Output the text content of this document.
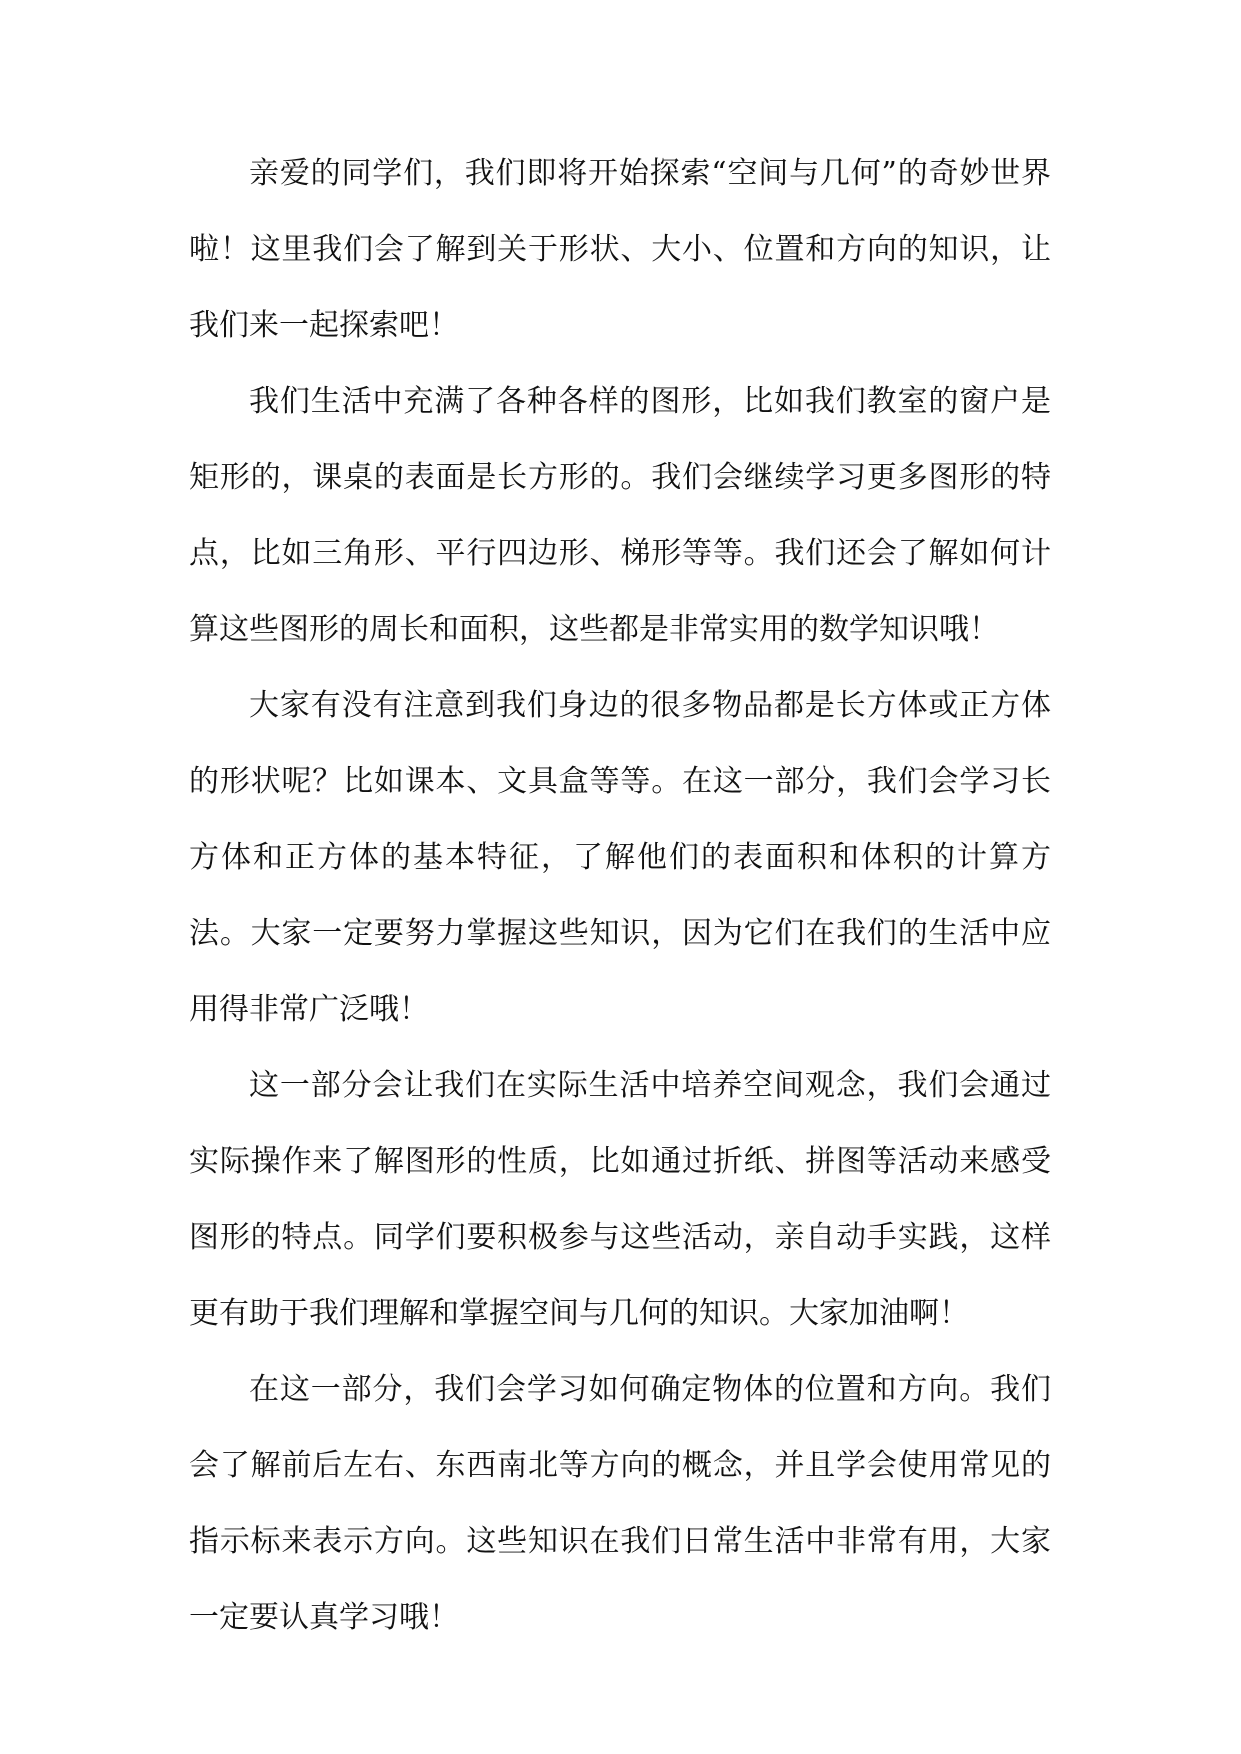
亲爱的同学们，我们即将开始探索“空间与几何”的奇妙世界啦！这里我们会了解到关于形状、大小、位置和方向的知识，让我们来一起探索吧！

我们生活中充满了各种各样的图形，比如我们教室的窗户是矩形的，课桌的表面是长方形的。我们会继续学习更多图形的特点，比如三角形、平行四边形、梯形等等。我们还会了解如何计算这些图形的周长和面积，这些都是非常实用的数学知识哦！

大家有没有注意到我们身边的很多物品都是长方体或正方体的形状呢？比如课本、文具盒等等。在这一部分，我们会学习长方体和正方体的基本特征，了解他们的表面积和体积的计算方法。大家一定要努力掌握这些知识，因为它们在我们的生活中应用得非常广泛哦！

这一部分会让我们在实际生活中培养空间观念，我们会通过实际操作来了解图形的性质，比如通过折纸、拼图等活动来感受图形的特点。同学们要积极参与这些活动，亲自动手实践，这样更有助于我们理解和掌握空间与几何的知识。大家加油啊！

在这一部分，我们会学习如何确定物体的位置和方向。我们会了解前后左右、东西南北等方向的概念，并且学会使用常见的指示标来表示方向。这些知识在我们日常生活中非常有用，大家一定要认真学习哦！
